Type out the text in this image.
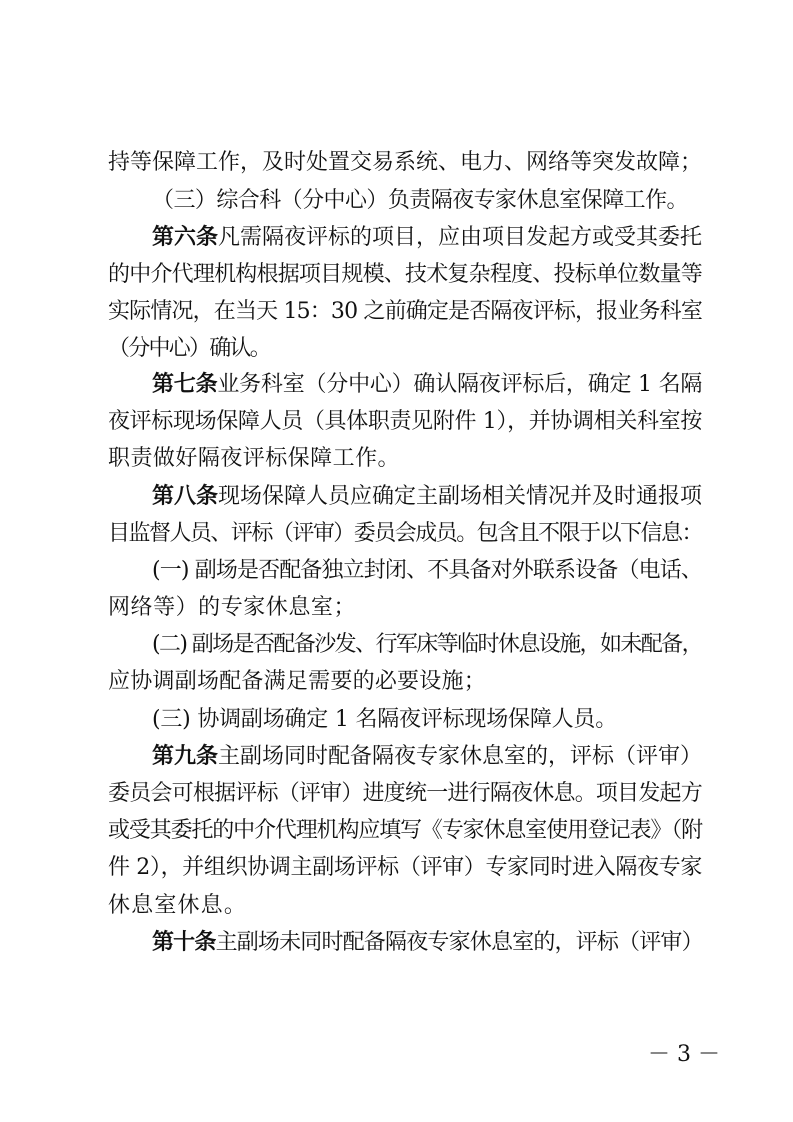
持等保障工作，及时处置交易系统、电力、网络等突发故障；
（三）综合科（分中心）负责隔夜专家休息室保障工作。
第六条凡需隔夜评标的项目，应由项目发起方或受其委托
的中介代理机构根据项目规模、技术复杂程度、投标单位数量等
实际情况，在当天 15：30 之前确定是否隔夜评标，报业务科室
（分中心）确认。
第七条业务科室（分中心）确认隔夜评标后，确定 1 名隔
夜评标现场保障人员（具体职责见附件 1），并协调相关科室按
职责做好隔夜评标保障工作。
第八条现场保障人员应确定主副场相关情况并及时通报项
目监督人员、评标（评审）委员会成员。包含且不限于以下信息：
(一) 副场是否配备独立封闭、不具备对外联系设备（电话、
网络等）的专家休息室；
(二) 副场是否配备沙发、行军床等临时休息设施，如未配备，
应协调副场配备满足需要的必要设施；
(三) 协调副场确定 1 名隔夜评标现场保障人员。
第九条主副场同时配备隔夜专家休息室的，评标（评审）
委员会可根据评标（评审）进度统一进行隔夜休息。项目发起方
或受其委托的中介代理机构应填写《专家休息室使用登记表》（附
件 2），并组织协调主副场评标（评审）专家同时进入隔夜专家
休息室休息。
第十条主副场未同时配备隔夜专家休息室的，评标（评审）
－ 3 －
